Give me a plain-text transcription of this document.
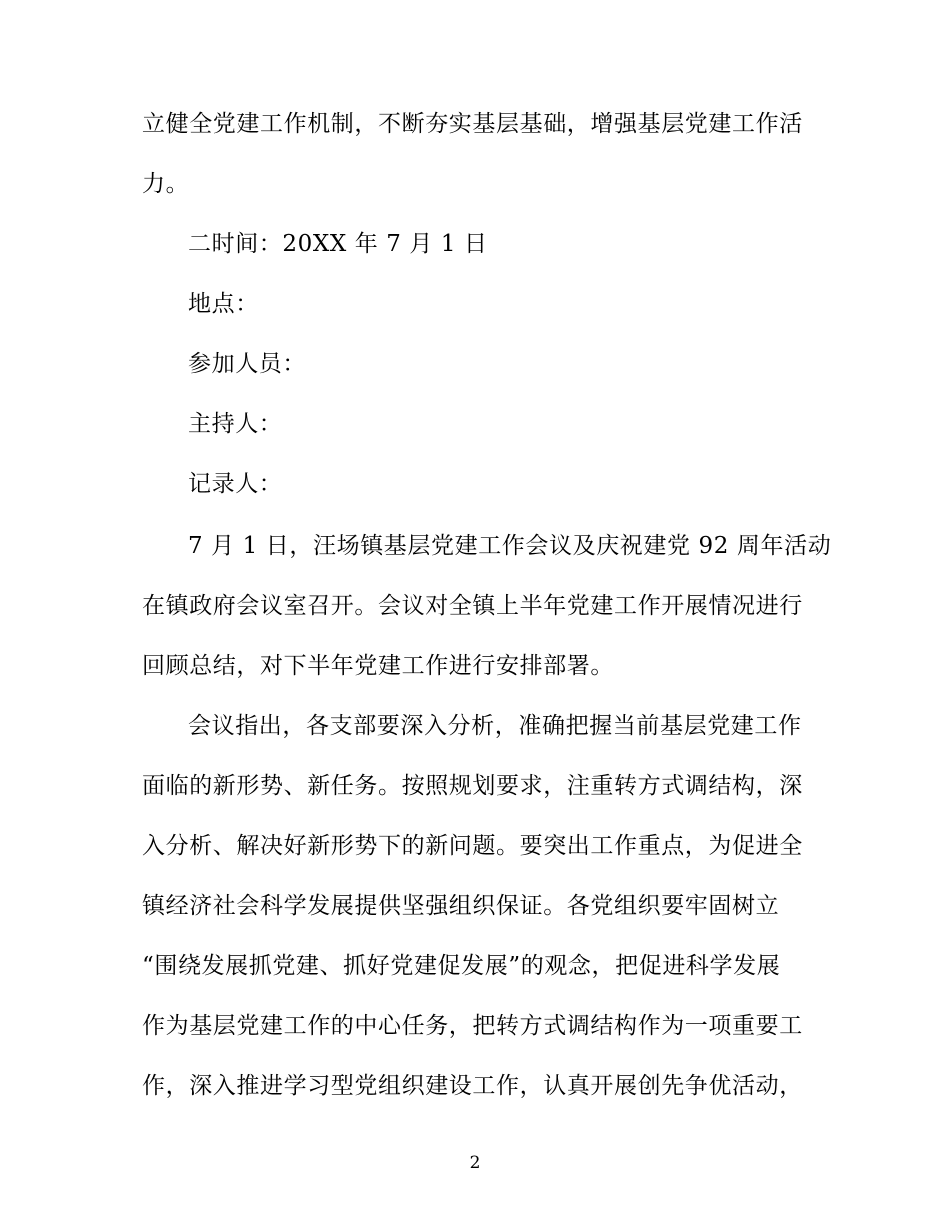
立健全党建工作机制，不断夯实基层基础，增强基层党建工作活
力。
二时间：20XX 年 7 月 1 日
地点：
参加人员：
主持人：
记录人：
7 月 1 日，汪场镇基层党建工作会议及庆祝建党 92 周年活动
在镇政府会议室召开。会议对全镇上半年党建工作开展情况进行
回顾总结，对下半年党建工作进行安排部署。
会议指出，各支部要深入分析，准确把握当前基层党建工作
面临的新形势、新任务。按照规划要求，注重转方式调结构，深
入分析、解决好新形势下的新问题。要突出工作重点，为促进全
镇经济社会科学发展提供坚强组织保证。各党组织要牢固树立
“围绕发展抓党建、抓好党建促发展”的观念，把促进科学发展
作为基层党建工作的中心任务，把转方式调结构作为一项重要工
作，深入推进学习型党组织建设工作，认真开展创先争优活动，
2
